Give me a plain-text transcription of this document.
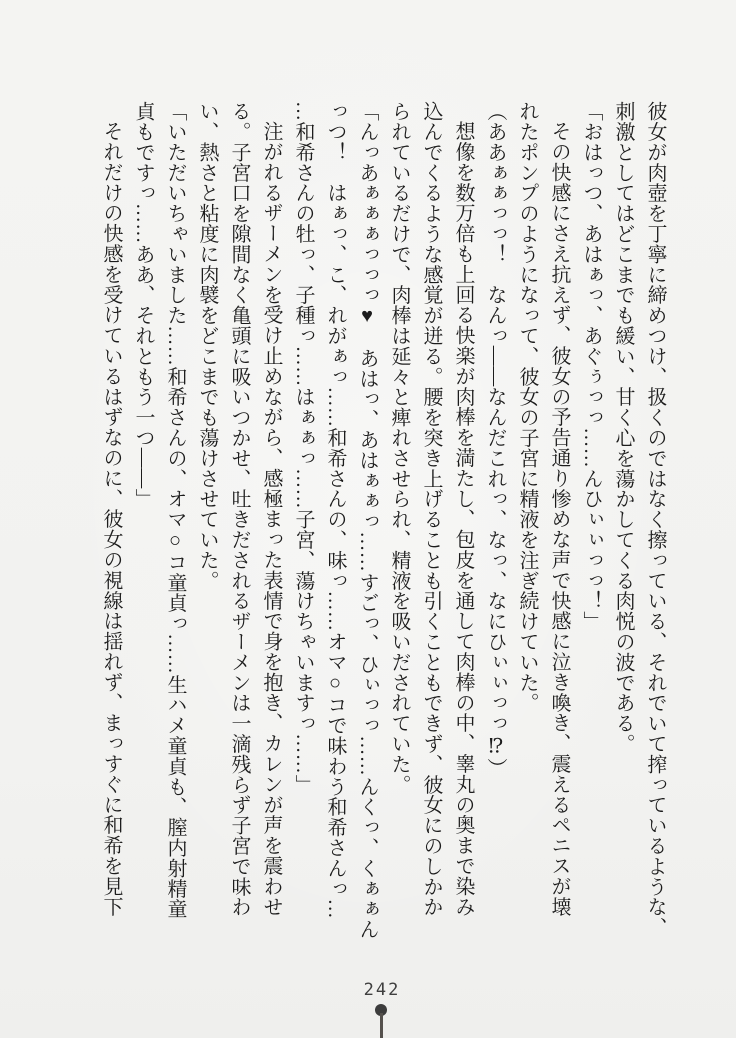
彼女が肉壺を丁寧に締めつけ、扱くのではなく擦っている、それでいて搾っているような、
刺激としてはどこまでも緩い、甘く心を蕩かしてくる肉悦の波である。
「おはっつ、あはぁっ、あぐぅっっ……んひぃぃっっ！」
その快感にさえ抗えず、彼女の予告通り惨めな声で快感に泣き喚き、震えるペニスが壊
れたポンプのようになって、彼女の子宮に精液を注ぎ続けていた。
（ああぁぁっっ！　なんっ——なんだこれっ、なっ、なにひぃぃっっ⁉）
想像を数万倍も上回る快楽が肉棒を満たし、包皮を通して肉棒の中、睾丸の奥まで染み
込んでくるような感覚が迸る。腰を突き上げることも引くこともできず、彼女にのしかか
られているだけで、肉棒は延々と痺れさせられ、精液を吸いだされていた。
「んっあぁぁぁっっっ♥　あはっ、あはぁぁっ……すごっ、ひぃっっ……んくっ、くぁぁん
っつ！　はぁっ、こ、れがぁっ……和希さんの、味っ……オマ○コで味わう和希さんっ…
…和希さんの牡っ、子種っ……はぁぁっ……子宮、蕩けちゃいますっ……」
注がれるザーメンを受け止めながら、感極まった表情で身を抱き、カレンが声を震わせ
る。子宮口を隙間なく亀頭に吸いつかせ、吐きだされるザーメンは一滴残らず子宮で味わ
い、熱さと粘度に肉襞をどこまでも蕩けさせていた。
「いただいちゃいました……和希さんの、オマ○コ童貞っ……生ハメ童貞も、膣内射精童
貞もですっ……ああ、それともう一つ——」
それだけの快感を受けているはずなのに、彼女の視線は揺れず、まっすぐに和希を見下
242
